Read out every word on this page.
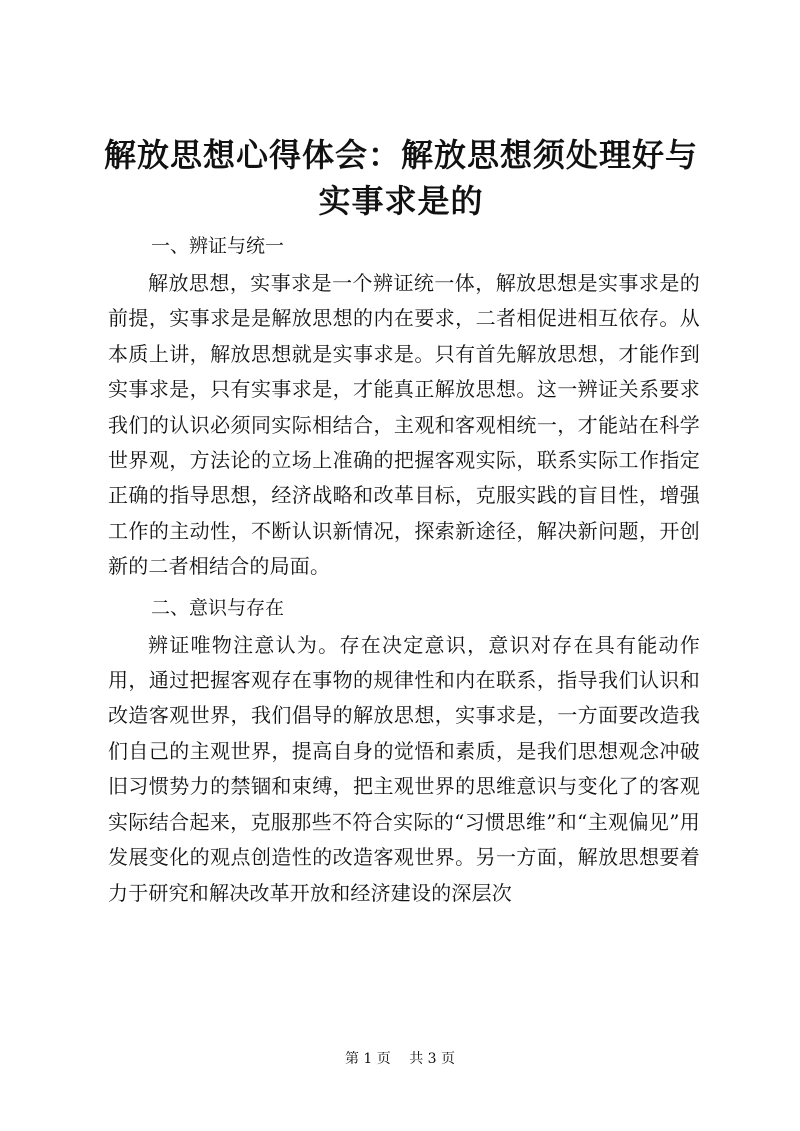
解放思想心得体会：解放思想须处理好与实事求是的
一、辨证与统一

解放思想，实事求是一个辨证统一体，解放思想是实事求是的前提，实事求是是解放思想的内在要求，二者相促进相互依存。从本质上讲，解放思想就是实事求是。只有首先解放思想，才能作到实事求是，只有实事求是，才能真正解放思想。这一辨证关系要求我们的认识必须同实际相结合，主观和客观相统一，才能站在科学世界观，方法论的立场上准确的把握客观实际，联系实际工作指定正确的指导思想，经济战略和改革目标，克服实践的盲目性，增强工作的主动性，不断认识新情况，探索新途径，解决新问题，开创新的二者相结合的局面。

二、意识与存在

辨证唯物注意认为。存在决定意识，意识对存在具有能动作用，通过把握客观存在事物的规律性和内在联系，指导我们认识和改造客观世界，我们倡导的解放思想，实事求是，一方面要改造我们自己的主观世界，提高自身的觉悟和素质，是我们思想观念冲破旧习惯势力的禁锢和束缚，把主观世界的思维意识与变化了的客观实际结合起来，克服那些不符合实际的“习惯思维”和“主观偏见”用发展变化的观点创造性的改造客观世界。另一方面，解放思想要着力于研究和解决改革开放和经济建设的深层次

第 1 页 共 3 页
